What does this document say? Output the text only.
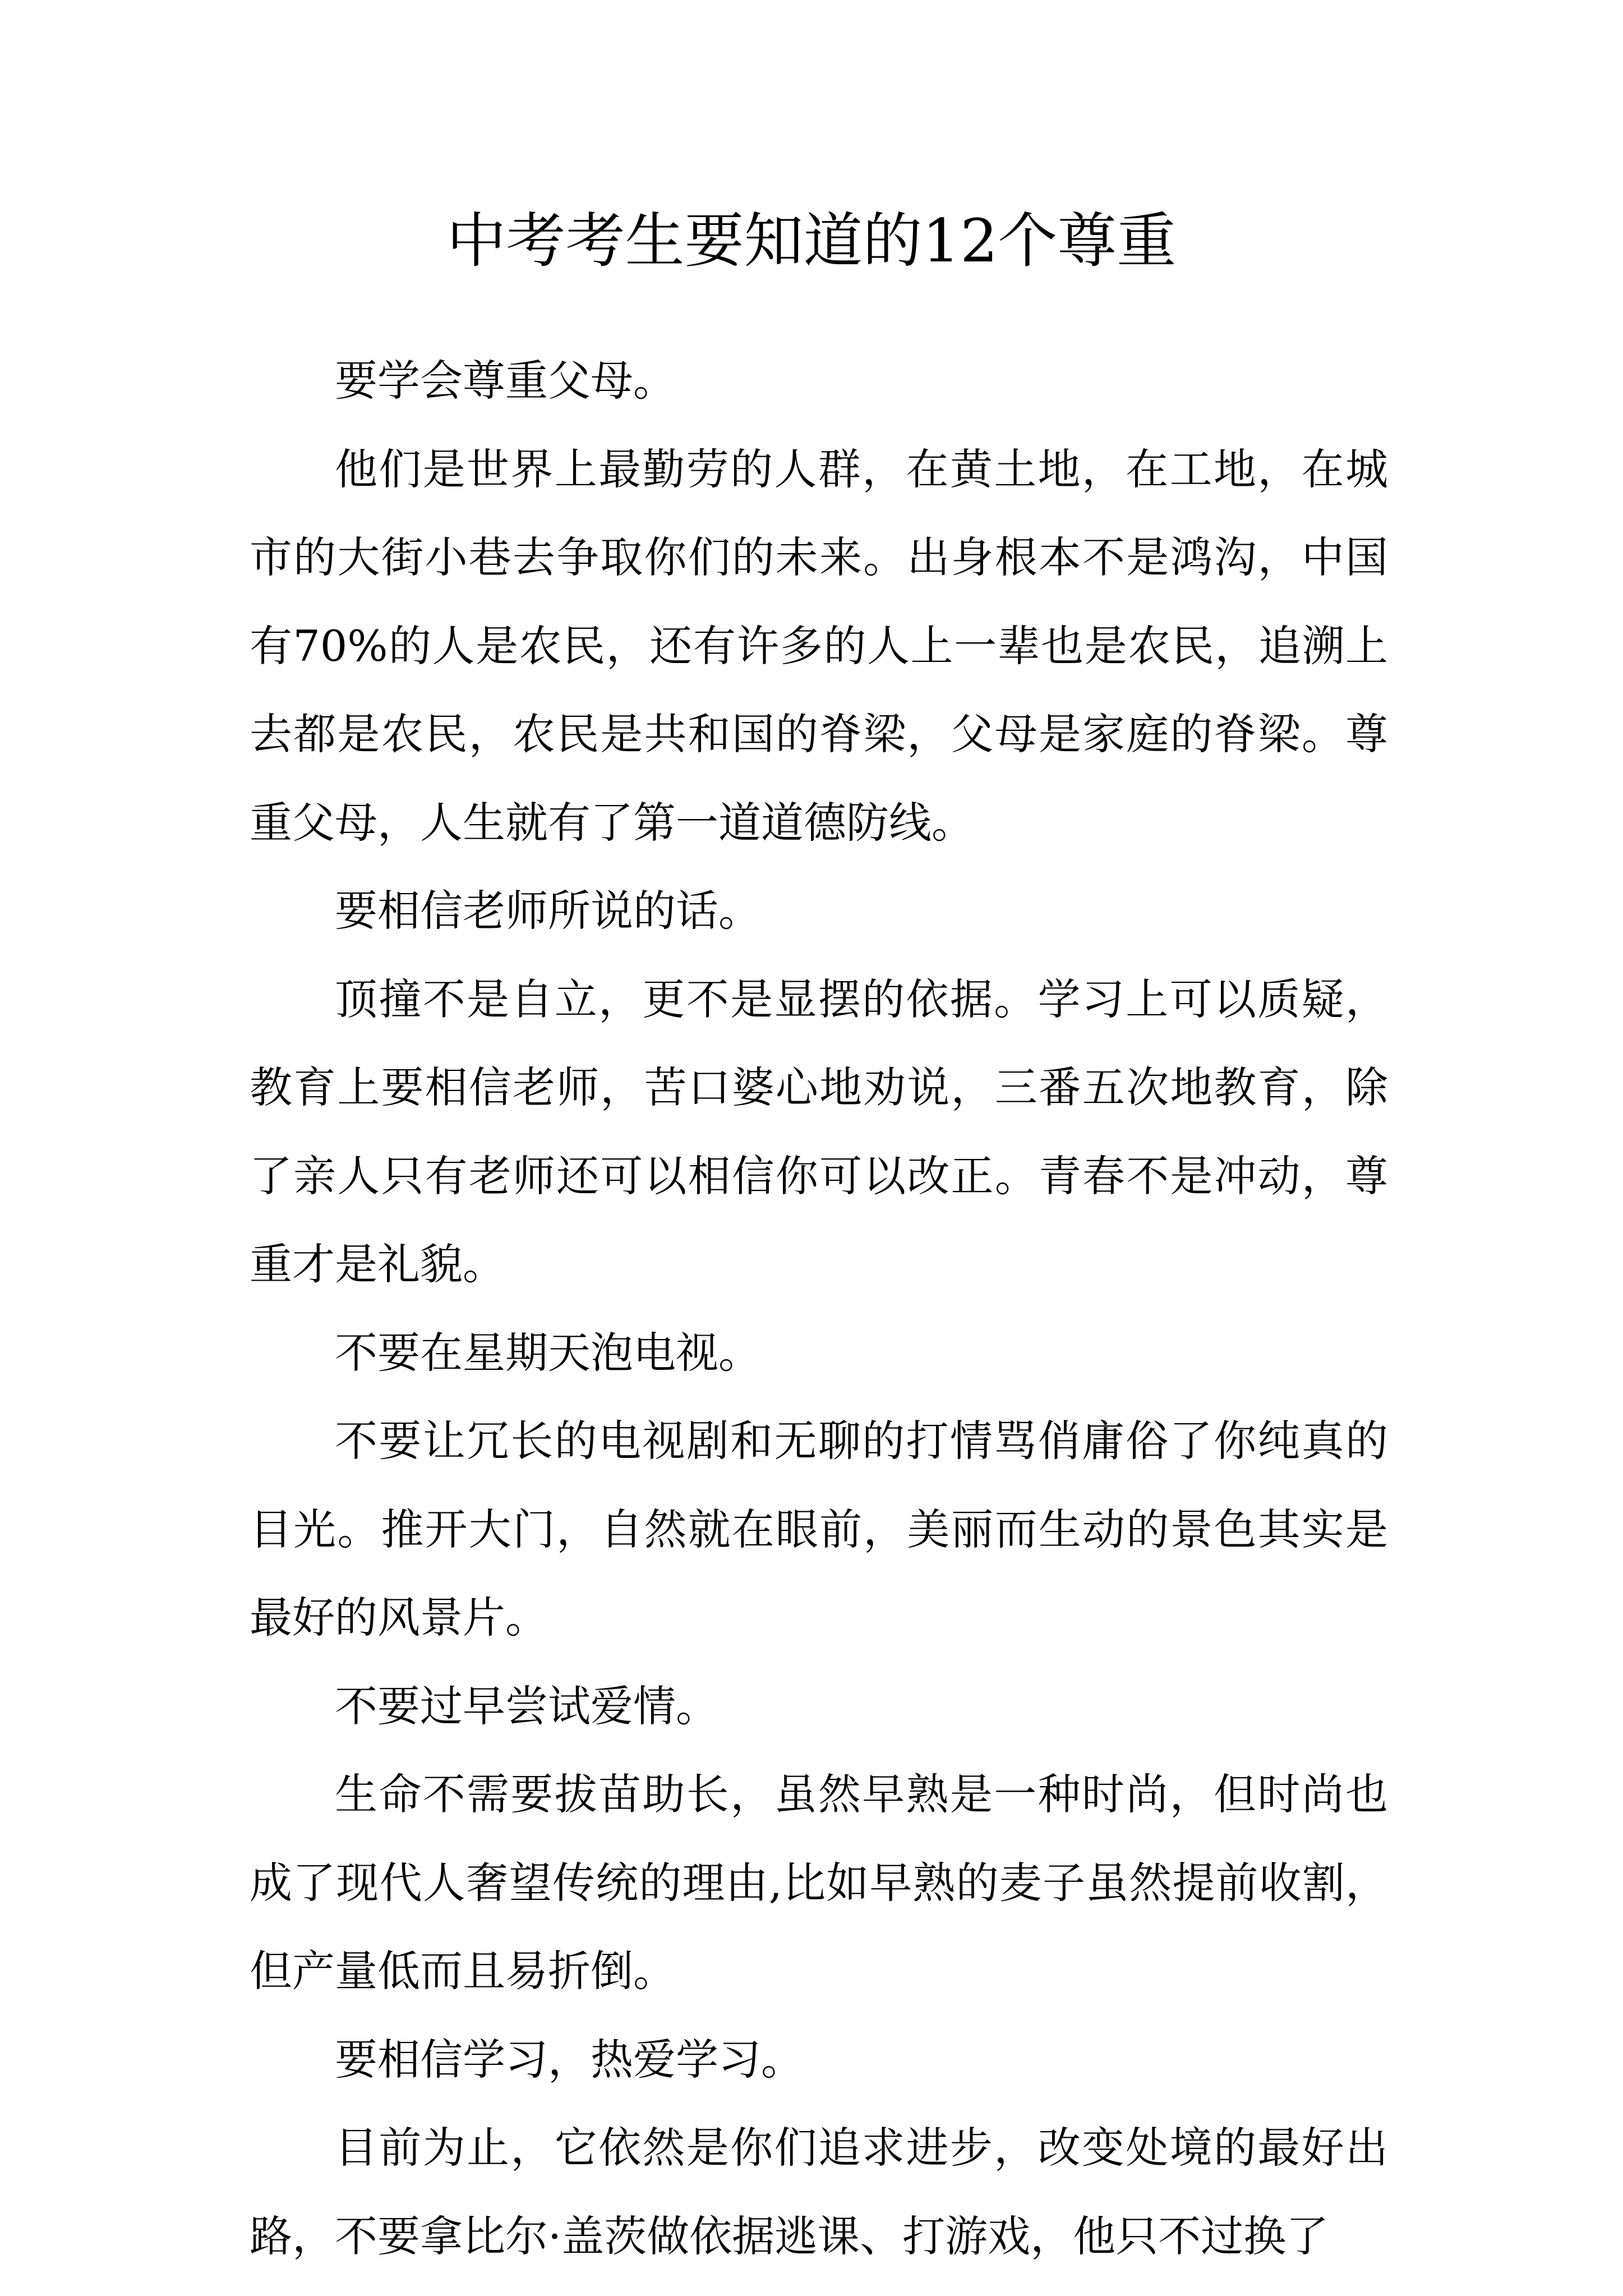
中考考生要知道的12个尊重

要学会尊重父母。

他们是世界上最勤劳的人群，在黄土地，在工地，在城市的大街小巷去争取你们的未来。出身根本不是鸿沟，中国有70%的人是农民，还有许多的人上一辈也是农民，追溯上去都是农民，农民是共和国的脊梁，父母是家庭的脊梁。尊重父母，人生就有了第一道道德防线。

要相信老师所说的话。

顶撞不是自立，更不是显摆的依据。学习上可以质疑，教育上要相信老师，苦口婆心地劝说，三番五次地教育，除了亲人只有老师还可以相信你可以改正。青春不是冲动，尊重才是礼貌。

不要在星期天泡电视。

不要让冗长的电视剧和无聊的打情骂俏庸俗了你纯真的目光。推开大门，自然就在眼前，美丽而生动的景色其实是最好的风景片。

不要过早尝试爱情。

生命不需要拔苗助长，虽然早熟是一种时尚，但时尚也成了现代人奢望传统的理由,比如早熟的麦子虽然提前收割，但产量低而且易折倒。

要相信学习，热爱学习。

目前为止，它依然是你们追求进步，改变处境的最好出路，不要拿比尔·盖茨做依据逃课、打游戏，他只不过换了
